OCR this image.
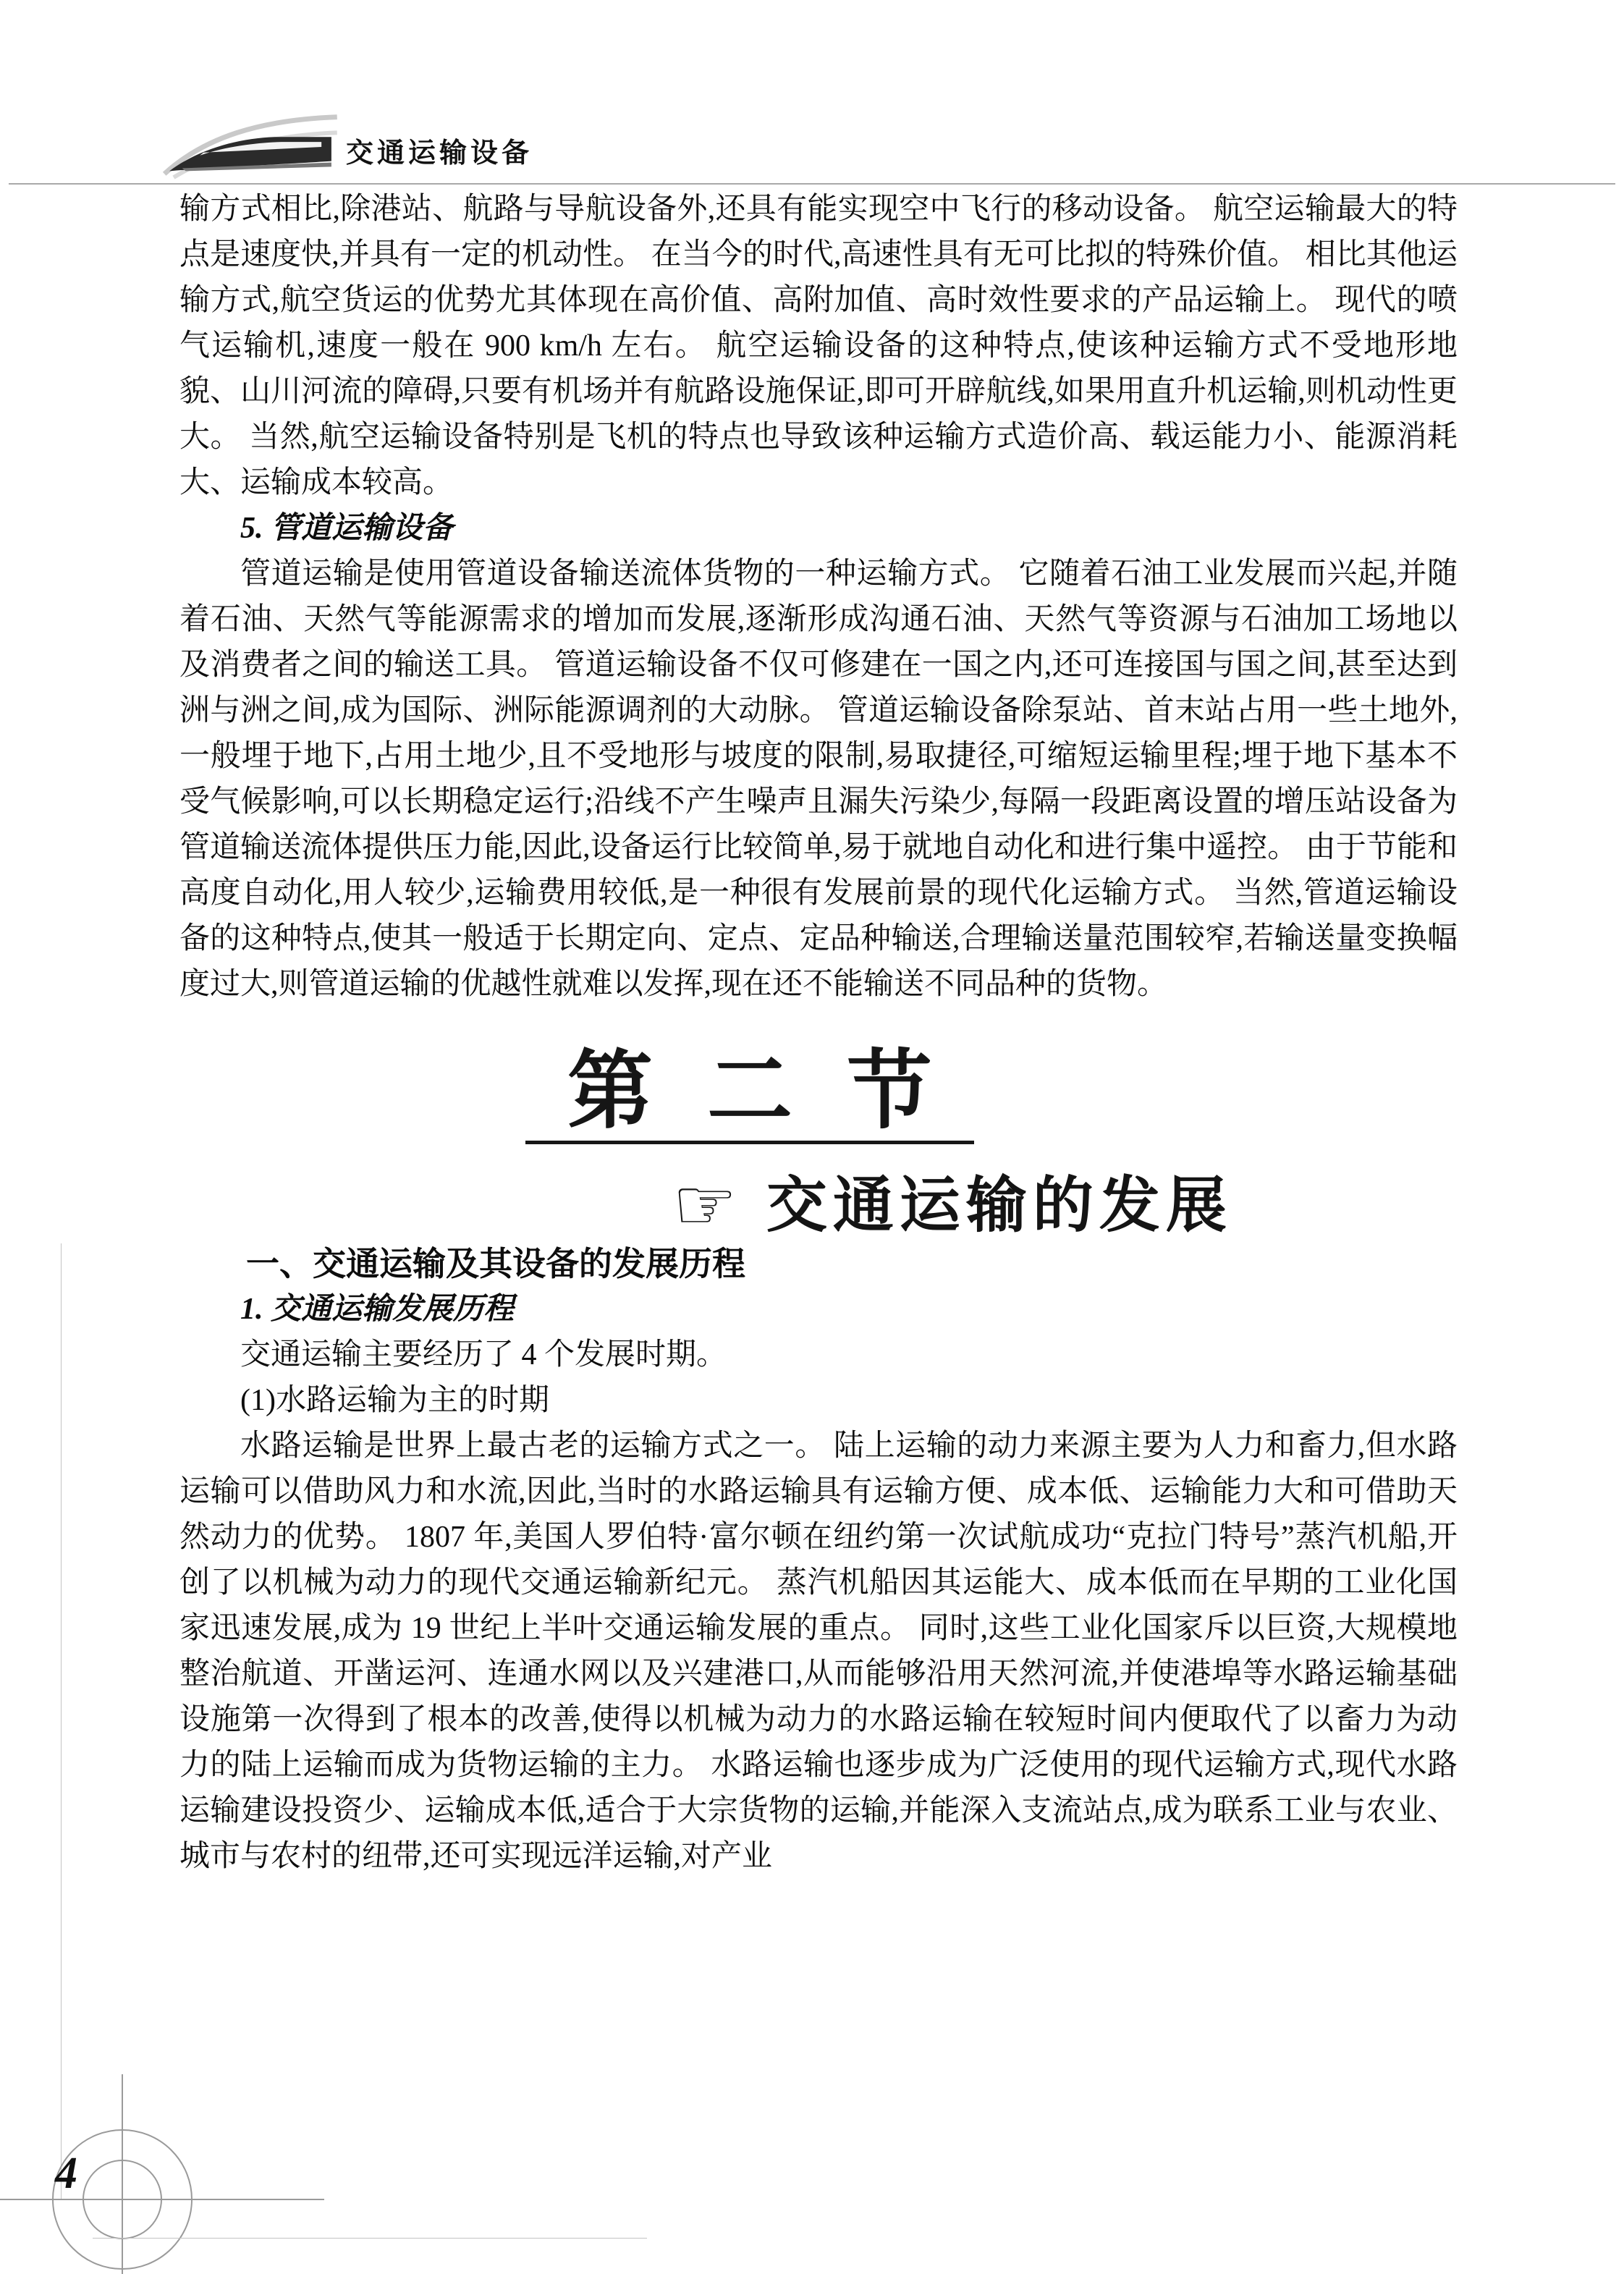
交通运输设备

输方式相比,除港站、航路与导航设备外,还具有能实现空中飞行的移动设备。 航空运输最大的特点是速度快,并具有一定的机动性。 在当今的时代,高速性具有无可比拟的特殊价值。 相比其他运输方式,航空货运的优势尤其体现在高价值、高附加值、高时效性要求的产品运输上。 现代的喷气运输机,速度一般在 900 km/h 左右。 航空运输设备的这种特点,使该种运输方式不受地形地貌、山川河流的障碍,只要有机场并有航路设施保证,即可开辟航线,如果用直升机运输,则机动性更大。 当然,航空运输设备特别是飞机的特点也导致该种运输方式造价高、载运能力小、能源消耗大、运输成本较高。

5. 管道运输设备

管道运输是使用管道设备输送流体货物的一种运输方式。 它随着石油工业发展而兴起,并随着石油、天然气等能源需求的增加而发展,逐渐形成沟通石油、天然气等资源与石油加工场地以及消费者之间的输送工具。 管道运输设备不仅可修建在一国之内,还可连接国与国之间,甚至达到洲与洲之间,成为国际、洲际能源调剂的大动脉。 管道运输设备除泵站、首末站占用一些土地外,一般埋于地下,占用土地少,且不受地形与坡度的限制,易取捷径,可缩短运输里程;埋于地下基本不受气候影响,可以长期稳定运行;沿线不产生噪声且漏失污染少,每隔一段距离设置的增压站设备为管道输送流体提供压力能,因此,设备运行比较简单,易于就地自动化和进行集中遥控。 由于节能和高度自动化,用人较少,运输费用较低,是一种很有发展前景的现代化运输方式。 当然,管道运输设备的这种特点,使其一般适于长期定向、定点、定品种输送,合理输送量范围较窄,若输送量变换幅度过大,则管道运输的优越性就难以发挥,现在还不能输送不同品种的货物。

第二节
☞ 交通运输的发展

一、交通运输及其设备的发展历程

1. 交通运输发展历程

交通运输主要经历了 4 个发展时期。

(1)水路运输为主的时期

水路运输是世界上最古老的运输方式之一。 陆上运输的动力来源主要为人力和畜力,但水路运输可以借助风力和水流,因此,当时的水路运输具有运输方便、成本低、运输能力大和可借助天然动力的优势。 1807 年,美国人罗伯特·富尔顿在纽约第一次试航成功“克拉门特号”蒸汽机船,开创了以机械为动力的现代交通运输新纪元。 蒸汽机船因其运能大、成本低而在早期的工业化国家迅速发展,成为 19 世纪上半叶交通运输发展的重点。 同时,这些工业化国家斥以巨资,大规模地整治航道、开凿运河、连通水网以及兴建港口,从而能够沿用天然河流,并使港埠等水路运输基础设施第一次得到了根本的改善,使得以机械为动力的水路运输在较短时间内便取代了以畜力为动力的陆上运输而成为货物运输的主力。 水路运输也逐步成为广泛使用的现代运输方式,现代水路运输建设投资少、运输成本低,适合于大宗货物的运输,并能深入支流站点,成为联系工业与农业、城市与农村的纽带,还可实现远洋运输,对产业

4
